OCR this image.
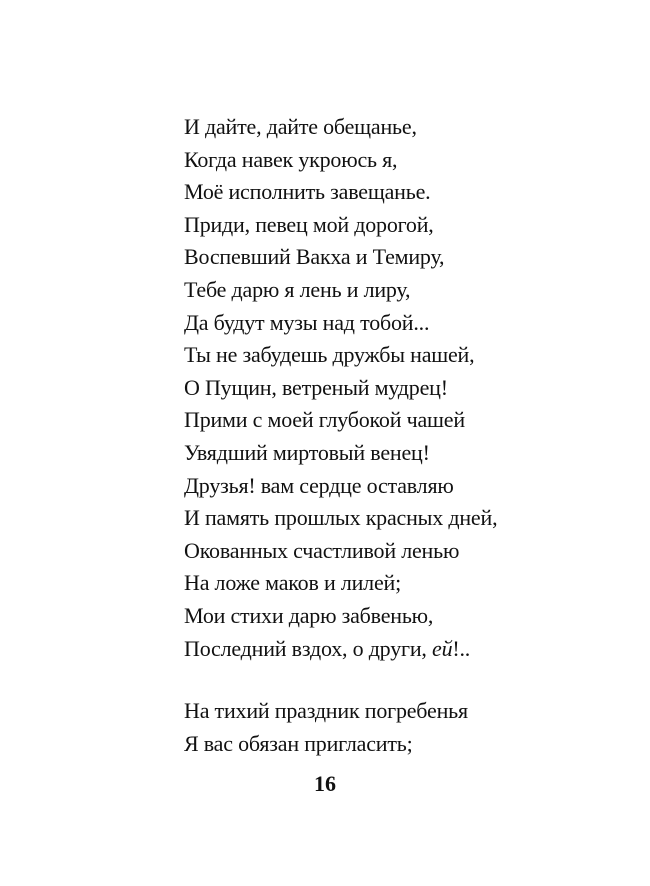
И дайте, дайте обещанье,
Когда навек укроюсь я,
Моё исполнить завещанье.
Приди, певец мой дорогой,
Воспевший Вакха и Темиру,
Тебе дарю я лень и лиру,
Да будут музы над тобой...
Ты не забудешь дружбы нашей,
О Пущин, ветреный мудрец!
Прими с моей глубокой чашей
Увядший миртовый венец!
Друзья! вам сердце оставляю
И память прошлых красных дней,
Окованных счастливой ленью
На ложе маков и лилей;
Мои стихи дарю забвенью,
Последний вздох, о други, ей!..
На тихий праздник погребенья
Я вас обязан пригласить;
16
